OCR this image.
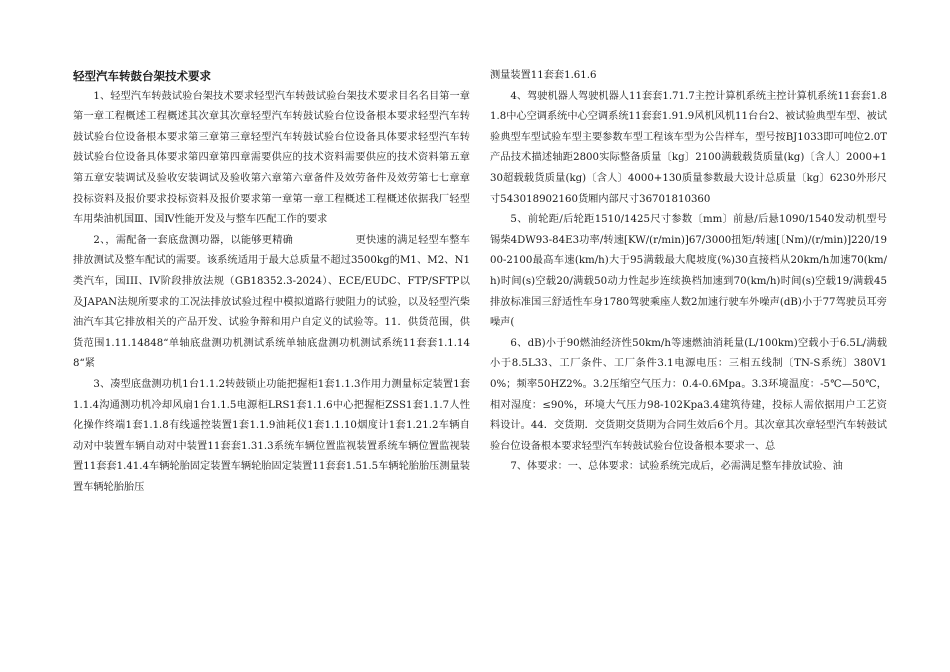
轻型汽车转鼓台架技术要求

1、轻型汽车转鼓试验台架技术要求轻型汽车转鼓试验台架技术要求目名名目第一章第一章工程概述工程概述其次章其次章轻型汽车转鼓试验台位设备根本要求轻型汽车转鼓试验台位设备根本要求第三章第三章轻型汽车转鼓试验台位设备具体要求轻型汽车转鼓试验台位设备具体要求第四章第四章需要供应的技术资料需要供应的技术资料第五章第五章安装调试及验收安装调试及验收第六章第六章备件及效劳备件及效劳第七七章章投标资料及报价要求投标资料及报价要求第一章第一章工程概述工程概述依据我厂轻型车用柴油机国Ⅲ、国Ⅳ性能开发及与整车匹配工作的要求

2、，需配备一套底盘测功器，以能够更精确　　　　　　更快速的满足轻型车整车排放测试及整车配试的需要。该系统适用于最大总质量不超过3500kg的M1、M2、N1类汽车，国III、IV阶段排放法规（GB18352.3-2024）、ECE/EUDC、FTP/SFTP以及JAPAN法规所要求的工况法排放试验过程中模拟道路行驶阻力的试验，以及轻型汽柴油汽车其它排放相关的产品开发、试验争辩和用户自定义的试验等。11．供货范围，供货范围1.11.14848“单轴底盘测功机测试系统单轴底盘测功机测试系统11套套1.1.148“紧

3、凑型底盘测功机1台1.1.2转鼓锁止功能把握柜1套1.1.3作用力测量标定装置1套1.1.4沟通测功机冷却风扇1台1.1.5电源柜LRS1套1.1.6中心把握柜ZSS1套1.1.7人性化操作终端1套1.1.8有线遥控装置1套1.1.9油耗仪1套1.1.10烟度计1套1.21.2车辆自动对中装置车辆自动对中装置11套套1.31.3系统车辆位置监视装置系统车辆位置监视装置11套套1.41.4车辆轮胎固定装置车辆轮胎固定装置11套套1.51.5车辆轮胎胎压测量装置车辆轮胎胎压

测量装置11套套1.61.6

4、驾驶机器人驾驶机器人11套套1.71.7主控计算机系统主控计算机系统11套套1.81.8中心空调系统中心空调系统11套套1.91.9风机风机11台台2、被试验典型车型、被试验典型车型试验车型主要参数车型工程该车型为公告样车，型号按BJ1033即可吨位2.0T产品技术描述轴距2800实际整备质量〔kg〕2100满载载货质量(kg)〔含人〕2000+130超载载货质量(kg)〔含人〕4000+130质量参数最大设计总质量〔kg〕6230外形尺寸543018902160货厢内部尺寸36701810360

5、前轮距/后轮距1510/1425尺寸参数〔mm〕前悬/后悬1090/1540发动机型号锡柴4DW93-84E3功率/转速[KW/(r/min)]67/3000扭矩/转速[〔Nm)/(r/min)]220/1900-2100最高车速(km/h)大于95满载最大爬坡度(%)30直接档从20km/h加速70(km/h)时间(s)空载20/满载50动力性起步连续换档加速到70(km/h)时间(s)空载19/满载45排放标准国三舒适性车身1780驾驶乘座人数2加速行驶车外噪声(dB)小于77驾驶员耳旁噪声(

6、dB)小于90燃油经济性50km/h等速燃油消耗量(L/100km)空载小于6.5L/满载小于8.5L33、工厂条件、工厂条件3.1电源电压：三相五线制〔TN-S系统〕380V10%；频率50HZ2%。3.2压缩空气压力：0.4-0.6Mpa。3.3环境温度：-5℃—50℃，相对湿度：≤90%，环境大气压力98-102Kpa3.4建筑待建，投标人需依据用户工艺资料设计。44．交货期．交货期交货期为合同生效后6个月。其次章其次章轻型汽车转鼓试验台位设备根本要求轻型汽车转鼓试验台位设备根本要求一、总

7、体要求：一、总体要求：试验系统完成后，必需满足整车排放试验、油
